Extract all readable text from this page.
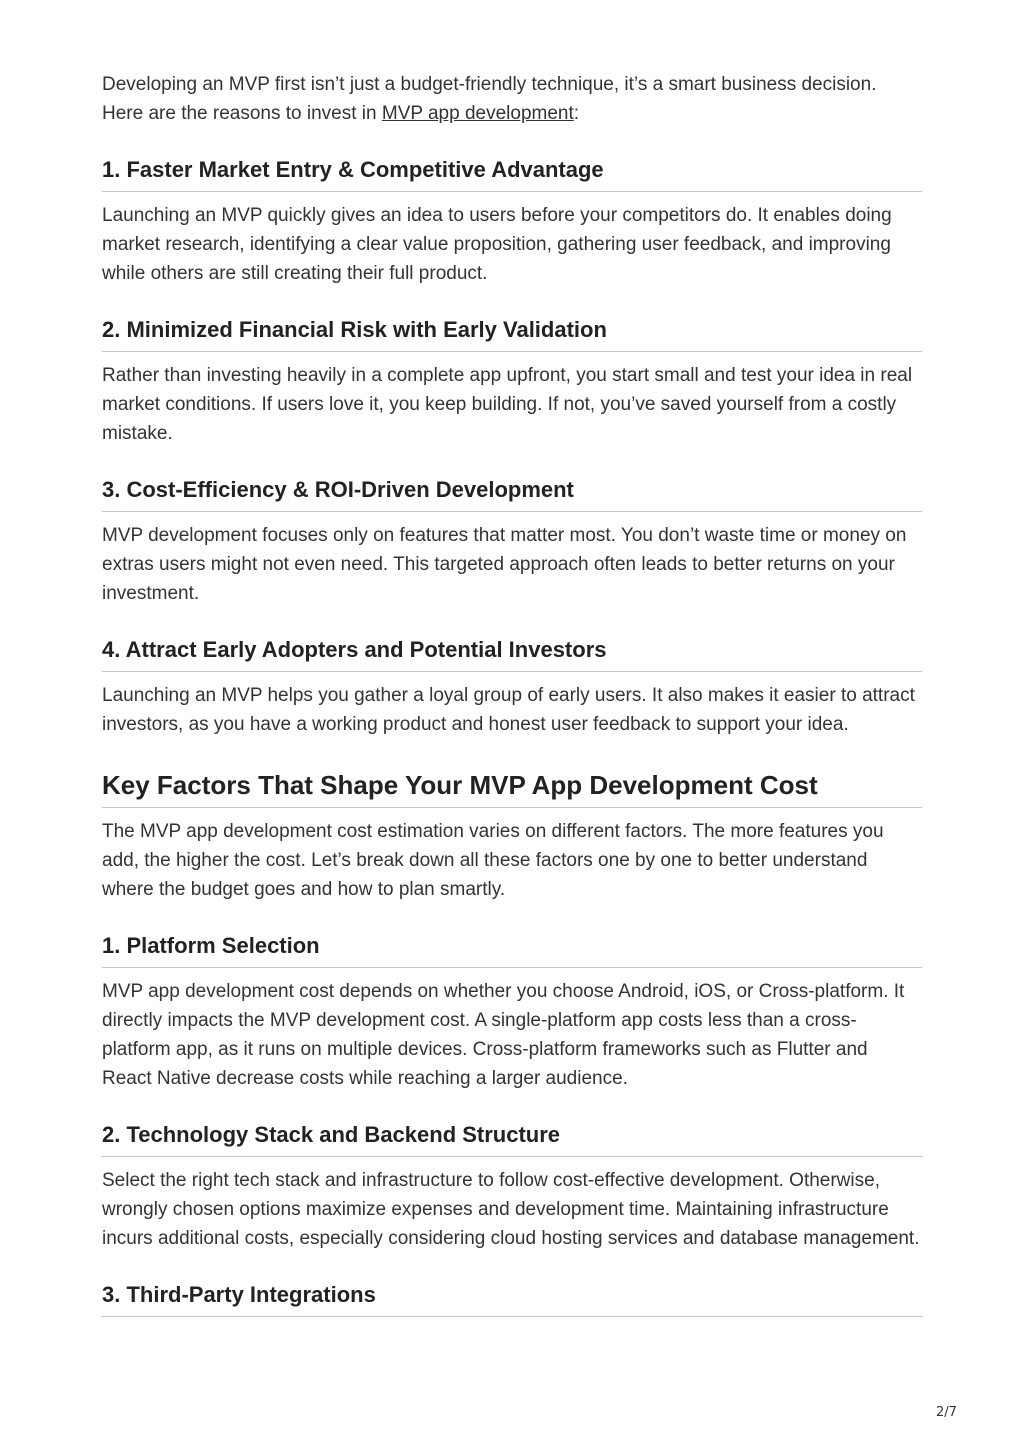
Developing an MVP first isn’t just a budget-friendly technique, it’s a smart business decision. Here are the reasons to invest in MVP app development:

1. Faster Market Entry & Competitive Advantage

Launching an MVP quickly gives an idea to users before your competitors do. It enables doing market research, identifying a clear value proposition, gathering user feedback, and improving while others are still creating their full product.

2. Minimized Financial Risk with Early Validation

Rather than investing heavily in a complete app upfront, you start small and test your idea in real market conditions. If users love it, you keep building. If not, you’ve saved yourself from a costly mistake.

3. Cost-Efficiency & ROI-Driven Development

MVP development focuses only on features that matter most. You don’t waste time or money on extras users might not even need. This targeted approach often leads to better returns on your investment.

4. Attract Early Adopters and Potential Investors

Launching an MVP helps you gather a loyal group of early users. It also makes it easier to attract investors, as you have a working product and honest user feedback to support your idea.

Key Factors That Shape Your MVP App Development Cost

The MVP app development cost estimation varies on different factors. The more features you add, the higher the cost. Let’s break down all these factors one by one to better understand where the budget goes and how to plan smartly.

1. Platform Selection

MVP app development cost depends on whether you choose Android, iOS, or Cross-platform. It directly impacts the MVP development cost. A single-platform app costs less than a cross-platform app, as it runs on multiple devices. Cross-platform frameworks such as Flutter and React Native decrease costs while reaching a larger audience.

2. Technology Stack and Backend Structure

Select the right tech stack and infrastructure to follow cost-effective development. Otherwise, wrongly chosen options maximize expenses and development time. Maintaining infrastructure incurs additional costs, especially considering cloud hosting services and database management.

3. Third-Party Integrations
2/7
